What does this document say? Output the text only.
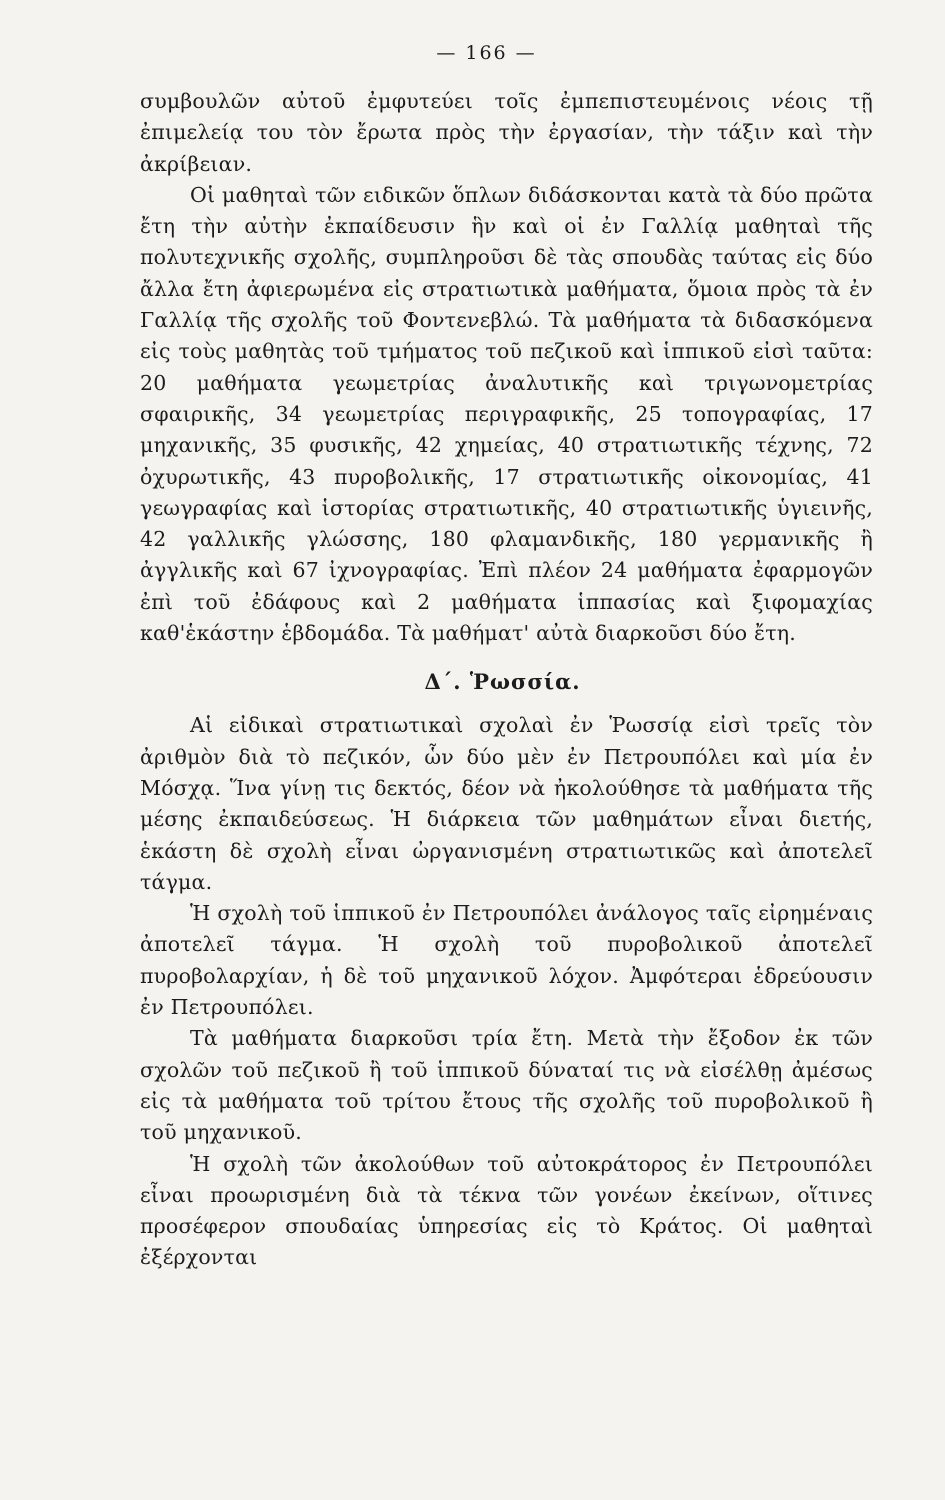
— 166 —

συμβουλῶν αὐτοῦ ἐμφυτεύει τοῖς ἐμπεπιστευμένοις νέοις τῇ ἐπιμελείᾳ του τὸν ἔρωτα πρὸς τὴν ἐργασίαν, τὴν τάξιν καὶ τὴν ἀκρίβειαν.

Οἱ μαθηταὶ τῶν ειδικῶν ὅπλων διδάσκονται κατὰ τὰ δύο πρῶτα ἔτη τὴν αὐτὴν ἐκπαίδευσιν ἣν καὶ οἱ ἐν Γαλλίᾳ μαθηταὶ τῆς πολυτεχνικῆς σχολῆς, συμπληροῦσι δὲ τὰς σπουδὰς ταύτας εἰς δύο ἄλλα ἔτη ἀφιερωμένα εἰς στρατιωτικὰ μαθήματα, ὅμοια πρὸς τὰ ἐν Γαλλίᾳ τῆς σχολῆς τοῦ Φοντενεβλώ. Τὰ μαθήματα τὰ διδασκόμενα εἰς τοὺς μαθητὰς τοῦ τμήματος τοῦ πεζικοῦ καὶ ἱππικοῦ εἰσὶ ταῦτα: 20 μαθήματα γεωμετρίας ἀναλυτικῆς καὶ τριγωνομετρίας σφαιρικῆς, 34 γεωμετρίας περιγραφικῆς, 25 τοπογραφίας, 17 μηχανικῆς, 35 φυσικῆς, 42 χημείας, 40 στρατιωτικῆς τέχνης, 72 ὀχυρωτικῆς, 43 πυροβολικῆς, 17 στρατιωτικῆς οἰκονομίας, 41 γεωγραφίας καὶ ἱστορίας στρατιωτικῆς, 40 στρατιωτικῆς ὑγιεινῆς, 42 γαλλικῆς γλώσσης, 180 φλαμανδικῆς, 180 γερμανικῆς ἢ ἀγγλικῆς καὶ 67 ἰχνογραφίας. Ἐπὶ πλέον 24 μαθήματα ἐφαρμογῶν ἐπὶ τοῦ ἐδάφους καὶ 2 μαθήματα ἱππασίας καὶ ξιφομαχίας καθ'ἑκάστην ἑβδομάδα. Τὰ μαθήματ' αὐτὰ διαρκοῦσι δύο ἔτη.

Δ΄. Ῥωσσία.

Αἱ εἰδικαὶ στρατιωτικαὶ σχολαὶ ἐν Ῥωσσίᾳ εἰσὶ τρεῖς τὸν ἀριθμὸν διὰ τὸ πεζικόν, ὧν δύο μὲν ἐν Πετρουπόλει καὶ μία ἐν Μόσχᾳ. Ἵνα γίνῃ τις δεκτός, δέον νὰ ἠκολούθησε τὰ μαθήματα τῆς μέσης ἐκπαιδεύσεως. Ἡ διάρκεια τῶν μαθημάτων εἶναι διετής, ἑκάστη δὲ σχολὴ εἶναι ὠργανισμένη στρατιωτικῶς καὶ ἀποτελεῖ τάγμα.

Ἡ σχολὴ τοῦ ἱππικοῦ ἐν Πετρουπόλει ἀνάλογος ταῖς εἰρημέναις ἀποτελεῖ τάγμα. Ἡ σχολὴ τοῦ πυροβολικοῦ ἀποτελεῖ πυροβολαρχίαν, ἡ δὲ τοῦ μηχανικοῦ λόχον. Ἀμφότεραι ἑδρεύουσιν ἐν Πετρουπόλει.

Τὰ μαθήματα διαρκοῦσι τρία ἔτη. Μετὰ τὴν ἔξοδον ἐκ τῶν σχολῶν τοῦ πεζικοῦ ἢ τοῦ ἱππικοῦ δύναταί τις νὰ εἰσέλθῃ ἀμέσως εἰς τὰ μαθήματα τοῦ τρίτου ἔτους τῆς σχολῆς τοῦ πυροβολικοῦ ἢ τοῦ μηχανικοῦ.

Ἡ σχολὴ τῶν ἀκολούθων τοῦ αὐτοκράτορος ἐν Πετρουπόλει εἶναι προωρισμένη διὰ τὰ τέκνα τῶν γονέων ἐκείνων, οἵτινες προσέφερον σπουδαίας ὑπηρεσίας εἰς τὸ Κράτος. Οἱ μαθηταὶ ἐξέρχονται
